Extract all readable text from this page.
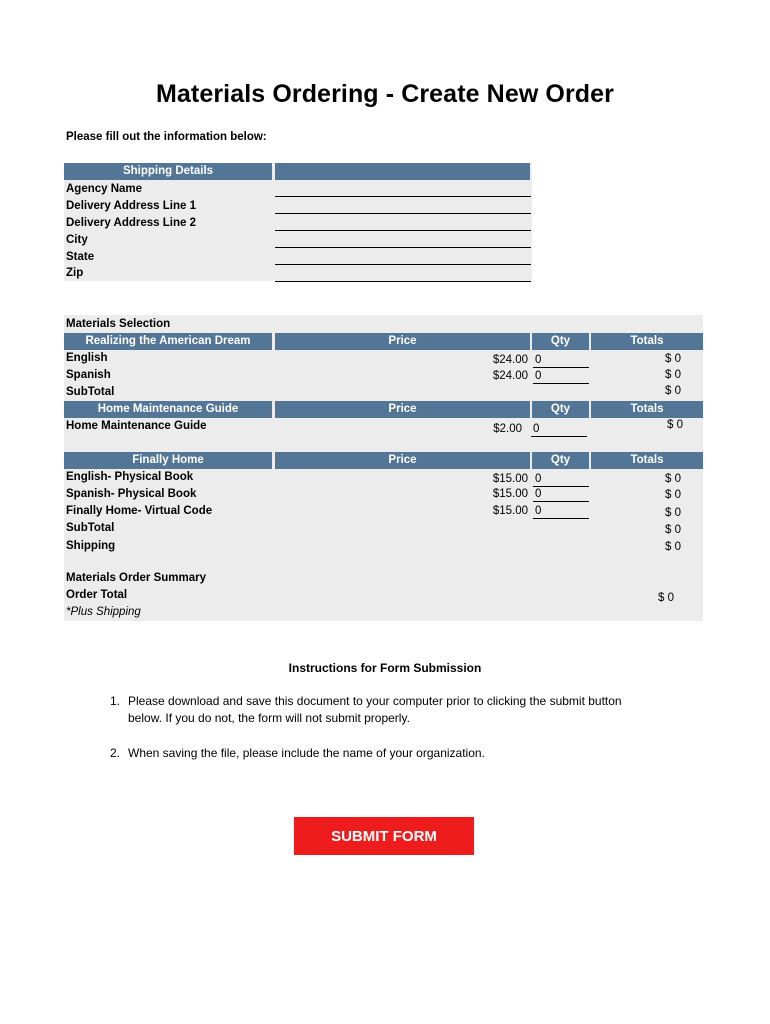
Materials Ordering - Create New Order
Please fill out the information below:
Shipping Details
Agency Name
Delivery Address Line 1
Delivery Address Line 2
City
State
Zip
Materials Selection
Realizing the American Dream	Price	Qty	Totals
English	$24.00 0	$ 0
Spanish	$24.00 0	$ 0
SubTotal	$ 0
Home Maintenance Guide	Price	Qty	Totals
Home Maintenance Guide	$2.00 0	$ 0
Finally Home	Price	Qty	Totals
English- Physical Book	$15.00 0	$ 0
Spanish- Physical Book	$15.00 0	$ 0
Finally Home- Virtual Code	$15.00 0	$ 0
SubTotal	$ 0
Shipping	$ 0
Materials Order Summary
Order Total	$ 0
*Plus Shipping
Instructions for Form Submission
1. Please download and save this document to your computer prior to clicking the submit button
below. If you do not, the form will not submit properly.
2. When saving the file, please include the name of your organization.
SUBMIT FORM
